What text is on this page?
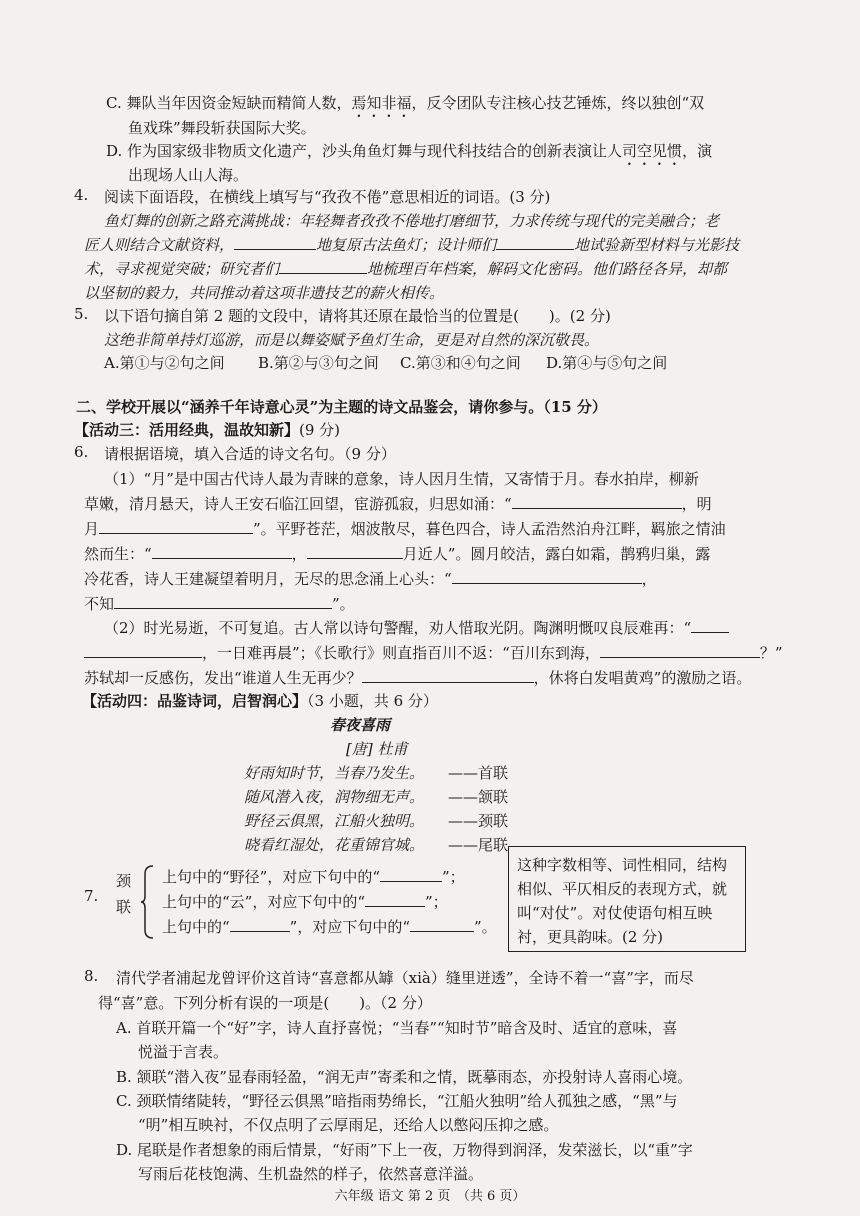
C. 舞队当年因资金短缺而精简人数，焉知非福，反令团队专注核心技艺锤炼，终以独创“双
鱼戏珠”舞段斩获国际大奖。
D. 作为国家级非物质文化遗产，沙头角鱼灯舞与现代科技结合的创新表演让人司空见惯，演
出现场人山人海。
4. 阅读下面语段，在横线上填写与“孜孜不倦”意思相近的词语。(3 分)
鱼灯舞的创新之路充满挑战：年轻舞者孜孜不倦地打磨细节，力求传统与现代的完美融合；老
匠人则结合文献资料，	地复原古法鱼灯；设计师们	地试验新型材料与光影技
术，寻求视觉突破；研究者们	地梳理百年档案，解码文化密码。他们路径各异，却都
以坚韧的毅力，共同推动着这项非遗技艺的薪火相传。
5. 以下语句摘自第 2 题的文段中，请将其还原在最恰当的位置是(　　)。(2 分)
这绝非简单持灯巡游，而是以舞姿赋予鱼灯生命，更是对自然的深沉敬畏。
A.第①与②句之间 B.第②与③句之间 C.第③和④句之间 D.第④与⑤句之间
二、学校开展以“涵养千年诗意心灵”为主题的诗文品鉴会，请你参与。（15 分）
【活动三：活用经典，温故知新】(9 分)
6. 请根据语境，填入合适的诗文名句。（9 分）
（1）“月”是中国古代诗人最为青睐的意象，诗人因月生情，又寄情于月。春水拍岸，柳新
草嫩，清月悬天，诗人王安石临江回望，宦游孤寂，归思如涌：“	，明
月	”。平野苍茫，烟波散尽，暮色四合，诗人孟浩然泊舟江畔，羁旅之情油
然而生：“	，	月近人”。圆月皎洁，露白如霜，鹊鸦归巢，露
冷花香，诗人王建凝望着明月，无尽的思念涌上心头：“	，
不知	”。
（2）时光易逝，不可复追。古人常以诗句警醒，劝人惜取光阴。陶渊明慨叹良辰难再：“
，一日难再晨”；《长歌行》则直指百川不返：“百川东到海，	？”
苏轼却一反感伤，发出“谁道人生无再少？	，休将白发唱黄鸡”的激励之语。
【活动四：品鉴诗词，启智润心】（3 小题，共 6 分）
春夜喜雨
[唐] 杜甫
好雨知时节，当春乃发生。 ——首联
随风潜入夜，润物细无声。 ——颔联
野径云俱黑，江船火独明。 ——颈联
晓看红湿处，花重锦官城。 ——尾联
7.
颈
联
上句中的“野径”，对应下句中的“	”；
上句中的“云”，对应下句中的“	”；
上句中的“	”，对应下句中的“	”。
这种字数相等、词性相同，结构相似、平仄相反的表现方式，就叫“对仗”。对仗使语句相互映衬，更具韵味。(2 分)
8. 清代学者浦起龙曾评价这首诗“喜意都从罅（xià）缝里迸透”，全诗不着一“喜”字，而尽
得“喜”意。下列分析有误的一项是(　　)。（2 分）
A. 首联开篇一个“好”字，诗人直抒喜悦；“当春”“知时节”暗含及时、适宜的意味，喜
悦溢于言表。
B. 颔联“潜入夜”显春雨轻盈，“润无声”寄柔和之情，既摹雨态，亦投射诗人喜雨心境。
C. 颈联情绪陡转，“野径云俱黑”暗指雨势绵长，“江船火独明”给人孤独之感，“黑”与
“明”相互映衬，不仅点明了云厚雨足，还给人以憋闷压抑之感。
D. 尾联是作者想象的雨后情景，“好雨”下上一夜，万物得到润泽，发荣滋长，以“重”字
写雨后花枝饱满、生机盎然的样子，依然喜意洋溢。
六年级 语文 第 2 页　（共 6 页）
